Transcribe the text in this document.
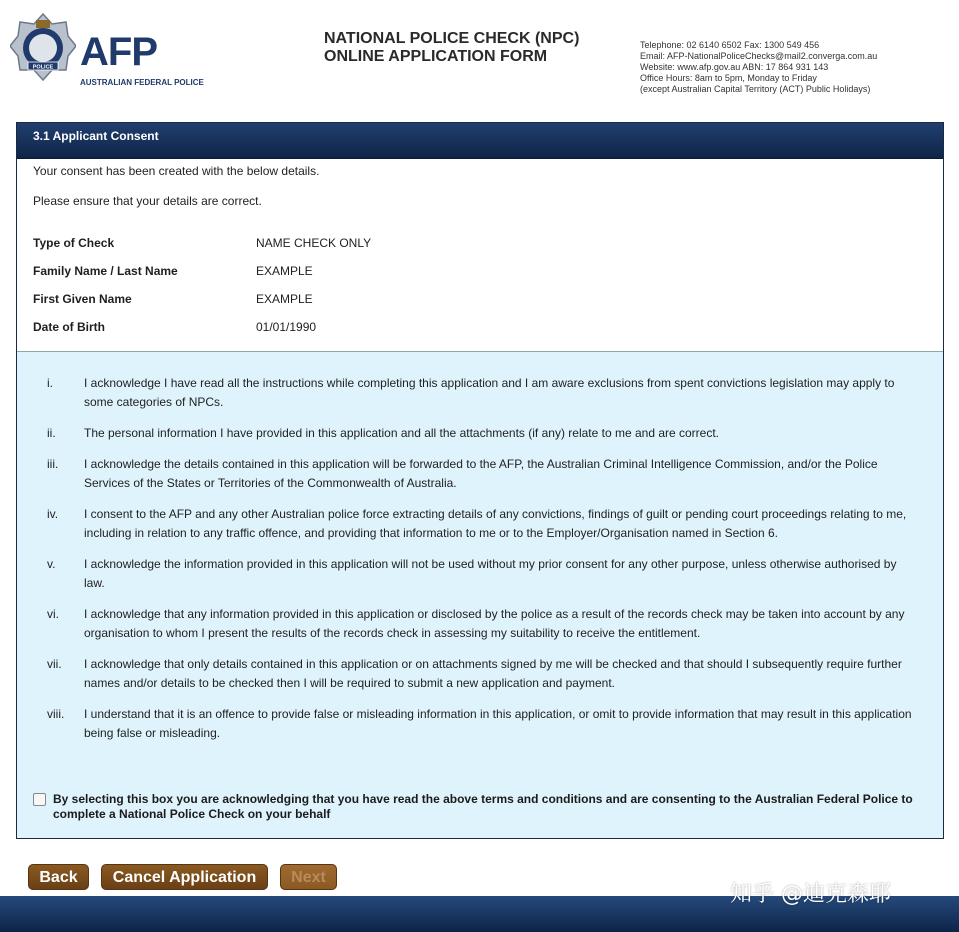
POLICE AFP
AUSTRALIAN FEDERAL POLICE
NATIONAL POLICE CHECK (NPC)
ONLINE APPLICATION FORM
Telephone: 02 6140 6502 Fax: 1300 549 456
Email: AFP-NationalPoliceChecks@mail2.converga.com.au
Website: www.afp.gov.au ABN: 17 864 931 143
Office Hours: 8am to 5pm, Monday to Friday
(except Australian Capital Territory (ACT) Public Holidays)
3.1 Applicant Consent
Your consent has been created with the below details.
Please ensure that your details are correct.
Type of Check	NAME CHECK ONLY
Family Name / Last Name	EXAMPLE
First Given Name	EXAMPLE
Date of Birth	01/01/1990
i.	I acknowledge I have read all the instructions while completing this application and I am aware exclusions from spent convictions legislation may apply to some categories of NPCs.
ii.	The personal information I have provided in this application and all the attachments (if any) relate to me and are correct.
iii.	I acknowledge the details contained in this application will be forwarded to the AFP, the Australian Criminal Intelligence Commission, and/or the Police Services of the States or Territories of the Commonwealth of Australia.
iv.	I consent to the AFP and any other Australian police force extracting details of any convictions, findings of guilt or pending court proceedings relating to me, including in relation to any traffic offence, and providing that information to me or to the Employer/Organisation named in Section 6.
v.	I acknowledge the information provided in this application will not be used without my prior consent for any other purpose, unless otherwise authorised by law.
vi.	I acknowledge that any information provided in this application or disclosed by the police as a result of the records check may be taken into account by any organisation to whom I present the results of the records check in assessing my suitability to receive the entitlement.
vii.	I acknowledge that only details contained in this application or on attachments signed by me will be checked and that should I subsequently require further names and/or details to be checked then I will be required to submit a new application and payment.
viii.	I understand that it is an offence to provide false or misleading information in this application, or omit to provide information that may result in this application being false or misleading.
By selecting this box you are acknowledging that you have read the above terms and conditions and are consenting to the Australian Federal Police to complete a National Police Check on your behalf
Back	Cancel Application	Next
知乎 @迪克森耶
